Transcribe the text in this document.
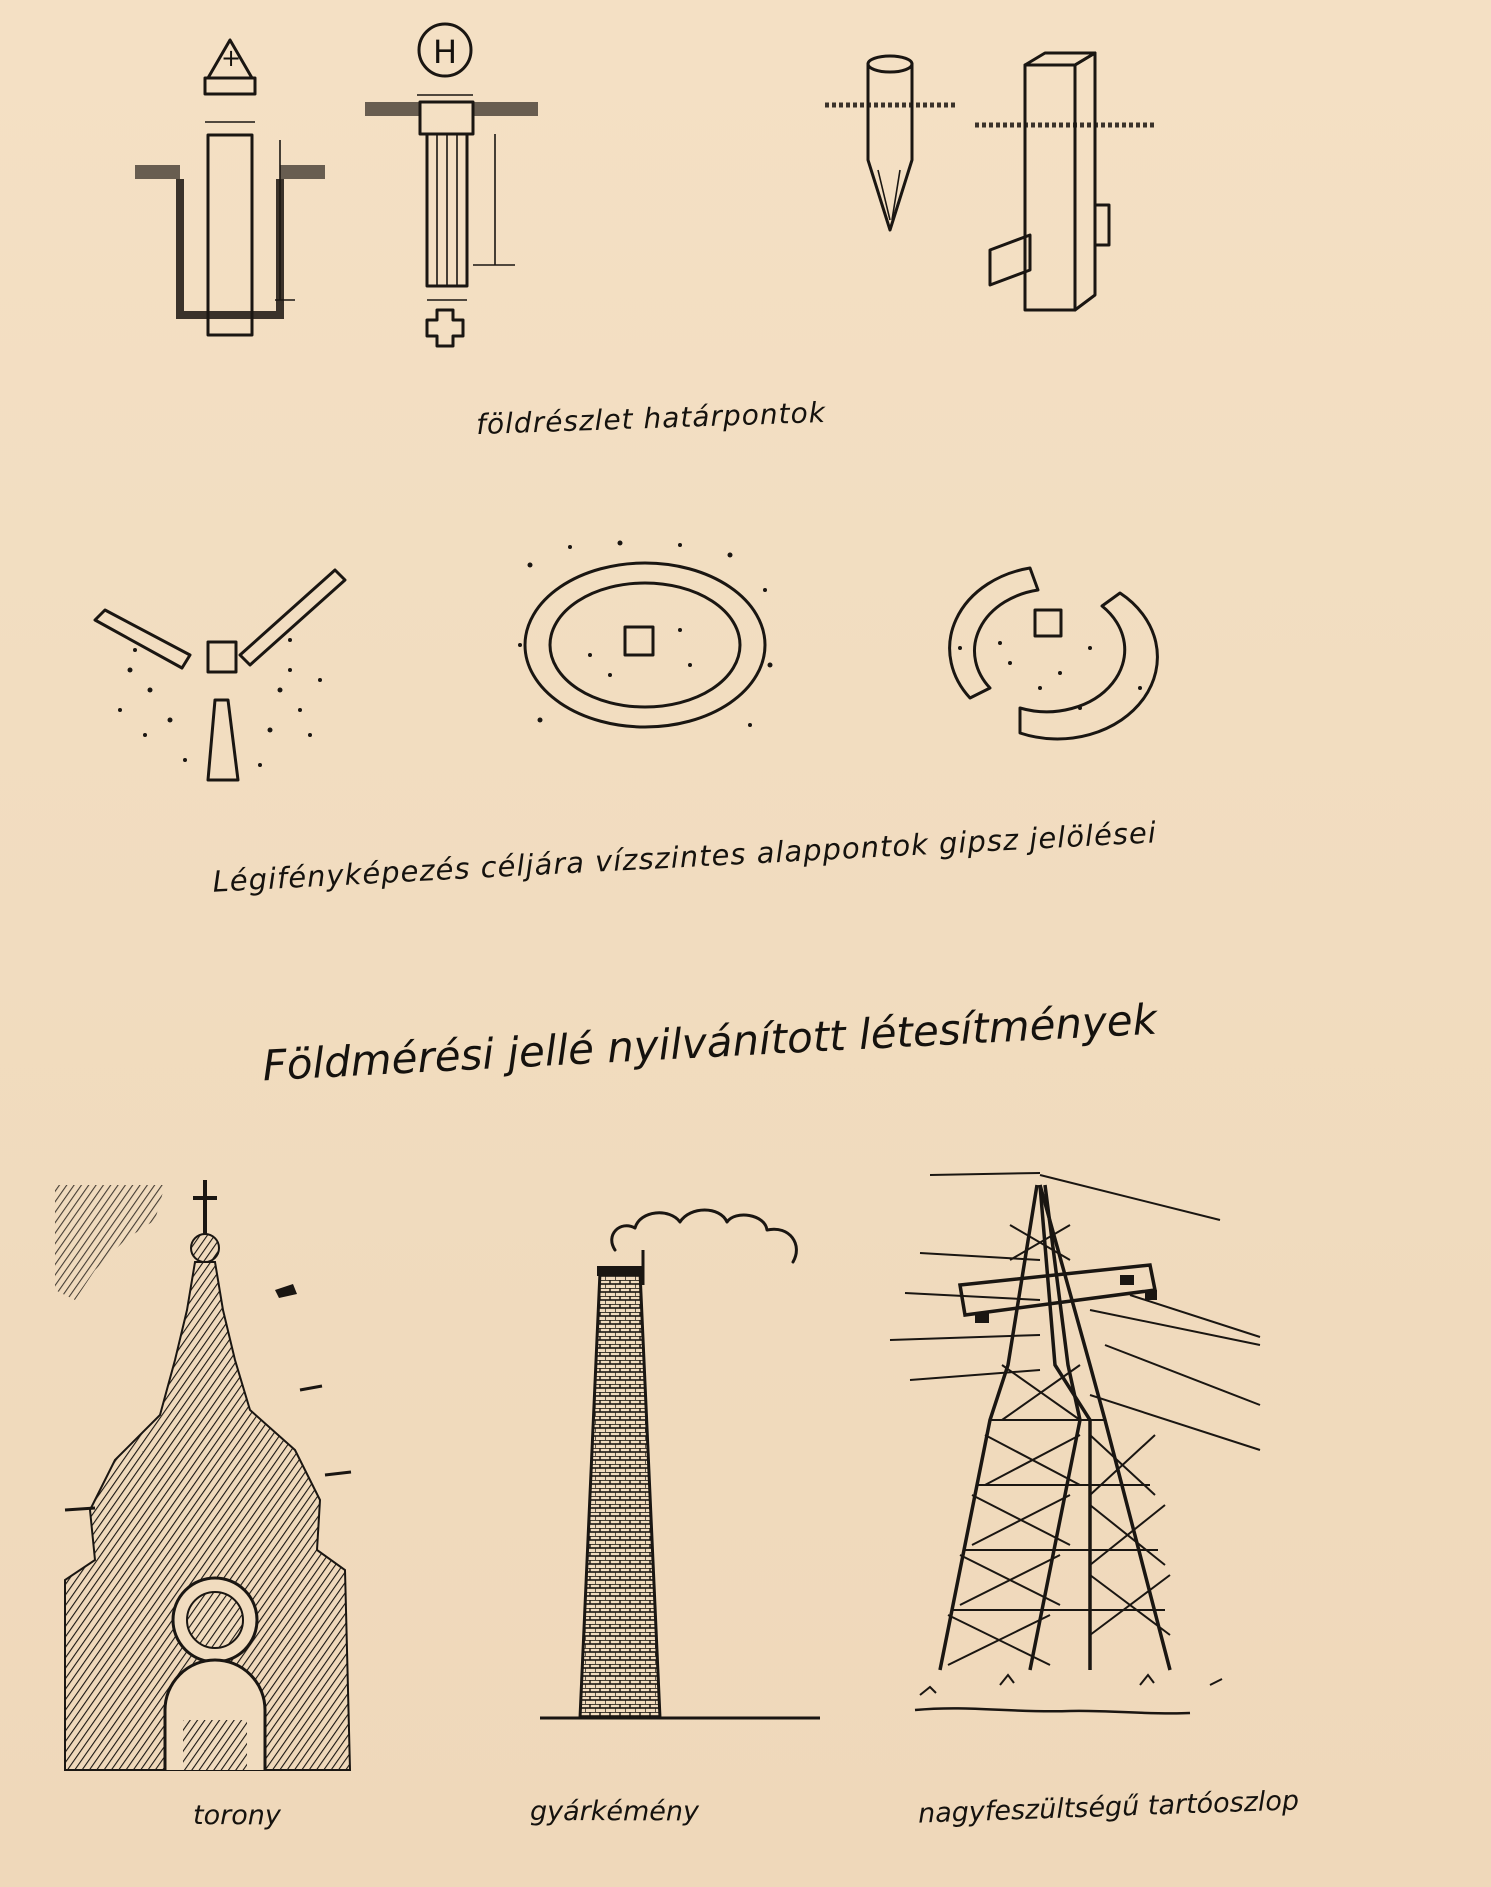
+	H
földrészlet határpontok
Légifényképezés céljára vízszintes alappontok gipsz jelölései
Földmérési jellé nyilvánított létesítmények
torony	gyárkémény	nagyfeszültségű tartóoszlop
